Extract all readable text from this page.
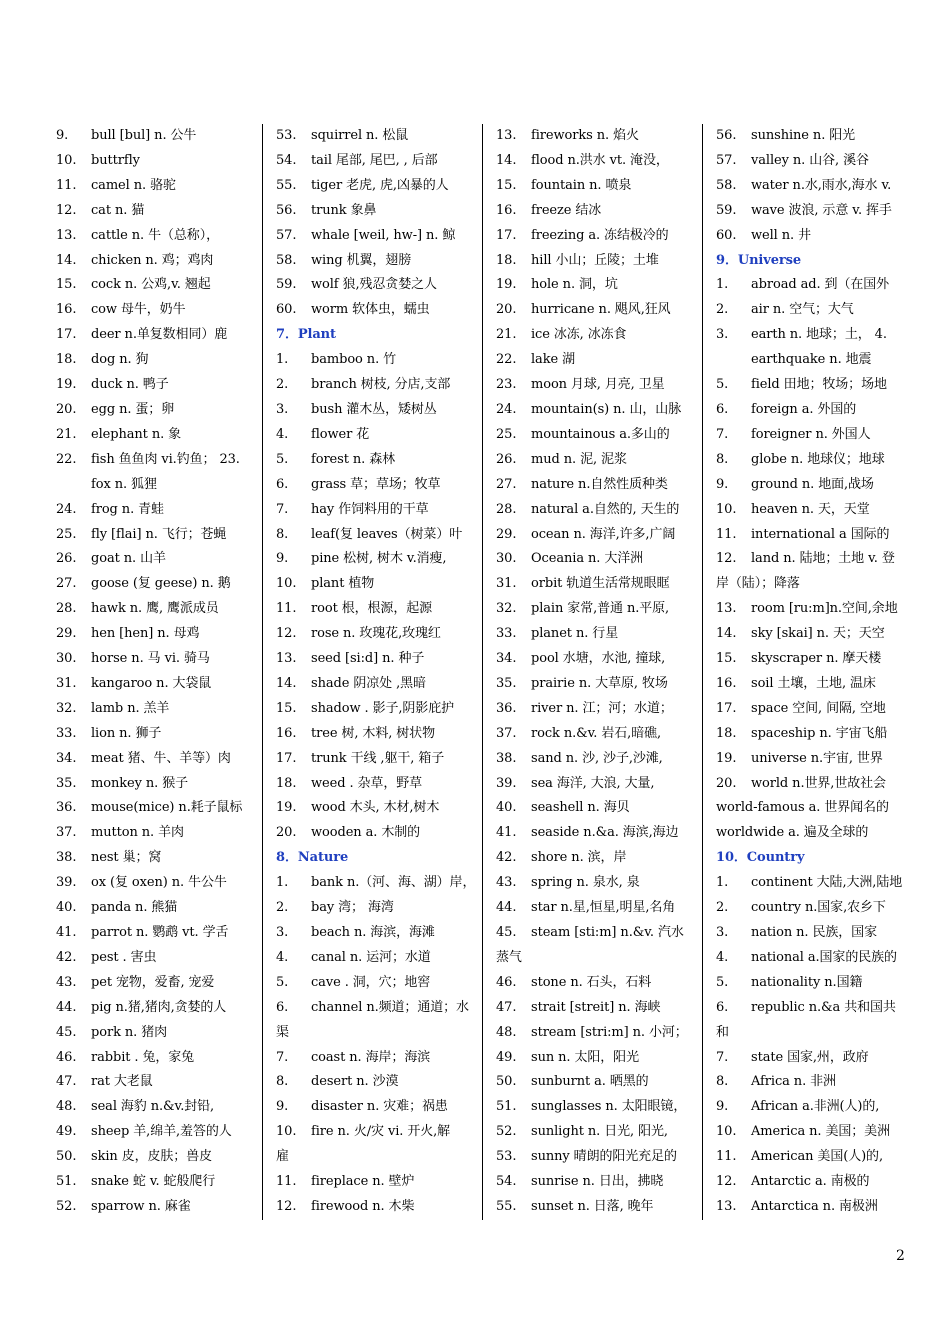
9. bull [bul] n. 公牛
10. buttrfly
11. camel n. 骆驼
12. cat n. 猫
13. cattle n. 牛（总称），
14. chicken n. 鸡；鸡肉
15. cock n. 公鸡,v. 翘起
16. cow 母牛，奶牛
17. deer n.单复数相同）鹿
18. dog n. 狗
19. duck n. 鸭子
20. egg n. 蛋；卵
21. elephant n. 象
22. fish 鱼鱼肉 vi.钓鱼； 23.
fox n. 狐狸
24. frog n. 青蛙
25. fly [flai] n. 飞行；苍蝇
26. goat n. 山羊
27. goose (复 geese) n. 鹅
28. hawk n. 鹰, 鹰派成员
29. hen [hen] n. 母鸡
30. horse n. 马 vi. 骑马
31. kangaroo n. 大袋鼠
32. lamb n. 羔羊
33. lion n. 狮子
34. meat 猪、牛、羊等）肉
35. monkey n. 猴子
36. mouse(mice) n.耗子鼠标
37. mutton n. 羊肉
38. nest 巢；窝
39. ox (复 oxen) n. 牛公牛
40. panda n. 熊猫
41. parrot n. 鹦鹉 vt. 学舌
42. pest . 害虫
43. pet 宠物，爱畜, 宠爱
44. pig n.猪,猪肉,贪婪的人
45. pork n. 猪肉
46. rabbit . 兔，家兔
47. rat 大老鼠
48. seal 海豹 n.&v.封铅,
49. sheep 羊,绵羊,羞答的人
50. skin 皮，皮肤；兽皮
51. snake 蛇 v. 蛇般爬行
52. sparrow n. 麻雀
53. squirrel n. 松鼠
54. tail 尾部, 尾巴, , 后部
55. tiger 老虎, 虎,凶暴的人
56. trunk 象鼻
57. whale [weil, hw-] n. 鲸
58. wing 机翼，翅膀
59. wolf 狼,残忍贪婪之人
60. worm 软体虫，蠕虫
7．Plant
1. bamboo n. 竹
2. branch 树枝, 分店,支部
3. bush 灌木丛，矮树丛
4. flower 花
5. forest n. 森林
6. grass 草；草场；牧草
7. hay 作饲料用的干草
8. leaf(复 leaves（树菜）叶
9. pine 松树, 树木 v.消瘦,
10. plant 植物
11. root 根，根源，起源
12. rose n. 玫瑰花,玫瑰红
13. seed [si:d] n. 种子
14. shade 阴凉处 ,黑暗
15. shadow . 影子,阴影庇护
16. tree 树, 木料, 树状物
17. trunk 干线 ,躯干, 箱子
18. weed . 杂草，野草
19. wood 木头, 木材,树木
20. wooden a. 木制的
8．Nature
1. bank n.（河、海、湖）岸，
2. bay 湾； 海湾
3. beach n. 海滨，海滩
4. canal n. 运河；水道
5. cave . 洞，穴；地窖
6. channel n.频道；通道；水
渠
7. coast n. 海岸；海滨
8. desert n. 沙漠
9. disaster n. 灾难；祸患
10. fire n. 火/灾 vi. 开火,解
雇
11. fireplace n. 壁炉
12. firewood n. 木柴
13. fireworks n. 焰火
14. flood n.洪水 vt. 淹没，
15. fountain n. 喷泉
16. freeze 结冰
17. freezing a. 冻结极冷的
18. hill 小山；丘陵；土堆
19. hole n. 洞，坑
20. hurricane n. 飓风,狂风
21. ice 冰冻, 冰冻食
22. lake 湖
23. moon 月球, 月亮, 卫星
24. mountain(s) n. 山，山脉
25. mountainous a.多山的
26. mud n. 泥, 泥浆
27. nature n.自然性质种类
28. natural a.自然的, 天生的
29. ocean n. 海洋,许多,广阔
30. Oceania n. 大洋洲
31. orbit 轨道生活常规眼眶
32. plain 家常,普通 n.平原,
33. planet n. 行星
34. pool 水塘，水池, 撞球,
35. prairie n. 大草原, 牧场
36. river n. 江；河；水道；
37. rock n.&v. 岩石,暗礁,
38. sand n. 沙, 沙子,沙滩,
39. sea 海洋, 大浪, 大量,
40. seashell n. 海贝
41. seaside n.&a. 海滨,海边
42. shore n. 滨，岸
43. spring n. 泉水, 泉
44. star n.星,恒星,明星,名角
45. steam [sti:m] n.&v. 汽水
蒸气
46. stone n. 石头，石料
47. strait [streit] n. 海峡
48. stream [stri:m] n. 小河；
49. sun n. 太阳，阳光
50. sunburnt a. 晒黑的
51. sunglasses n. 太阳眼镜，
52. sunlight n. 日光, 阳光,
53. sunny 晴朗的阳光充足的
54. sunrise n. 日出，拂晓
55. sunset n. 日落, 晚年
56. sunshine n. 阳光
57. valley n. 山谷, 溪谷
58. water n.水,雨水,海水 v.
59. wave 波浪, 示意 v. 挥手
60. well n. 井
9．Universe
1. abroad ad. 到（在国外
2. air n. 空气；大气
3. earth n. 地球；土， 4.
earthquake n. 地震
5. field 田地；牧场；场地
6. foreign a. 外国的
7. foreigner n. 外国人
8. globe n. 地球仪；地球
9. ground n. 地面,战场
10. heaven n. 天，天堂
11. international a 国际的
12. land n. 陆地；土地 v. 登
岸（陆）；降落
13. room [ru:m]n.空间,余地
14. sky [skai] n. 天；天空
15. skyscraper n. 摩天楼
16. soil 土壤，土地, 温床
17. space 空间, 间隔, 空地
18. spaceship n. 宇宙飞船
19. universe n.宇宙, 世界
20. world n.世界,世故社会
world-famous a. 世界闻名的
worldwide a. 遍及全球的
10．Country
1. continent 大陆,大洲,陆地
2. country n.国家,农乡下
3. nation n. 民族，国家
4. national a.国家的民族的
5. nationality n.国籍
6. republic n.&a 共和国共
和
7. state 国家,州，政府
8. Africa n. 非洲
9. African a.非洲(人)的,
10. America n. 美国；美洲
11. American 美国(人)的,
12. Antarctic a. 南极的
13. Antarctica n. 南极洲
2
